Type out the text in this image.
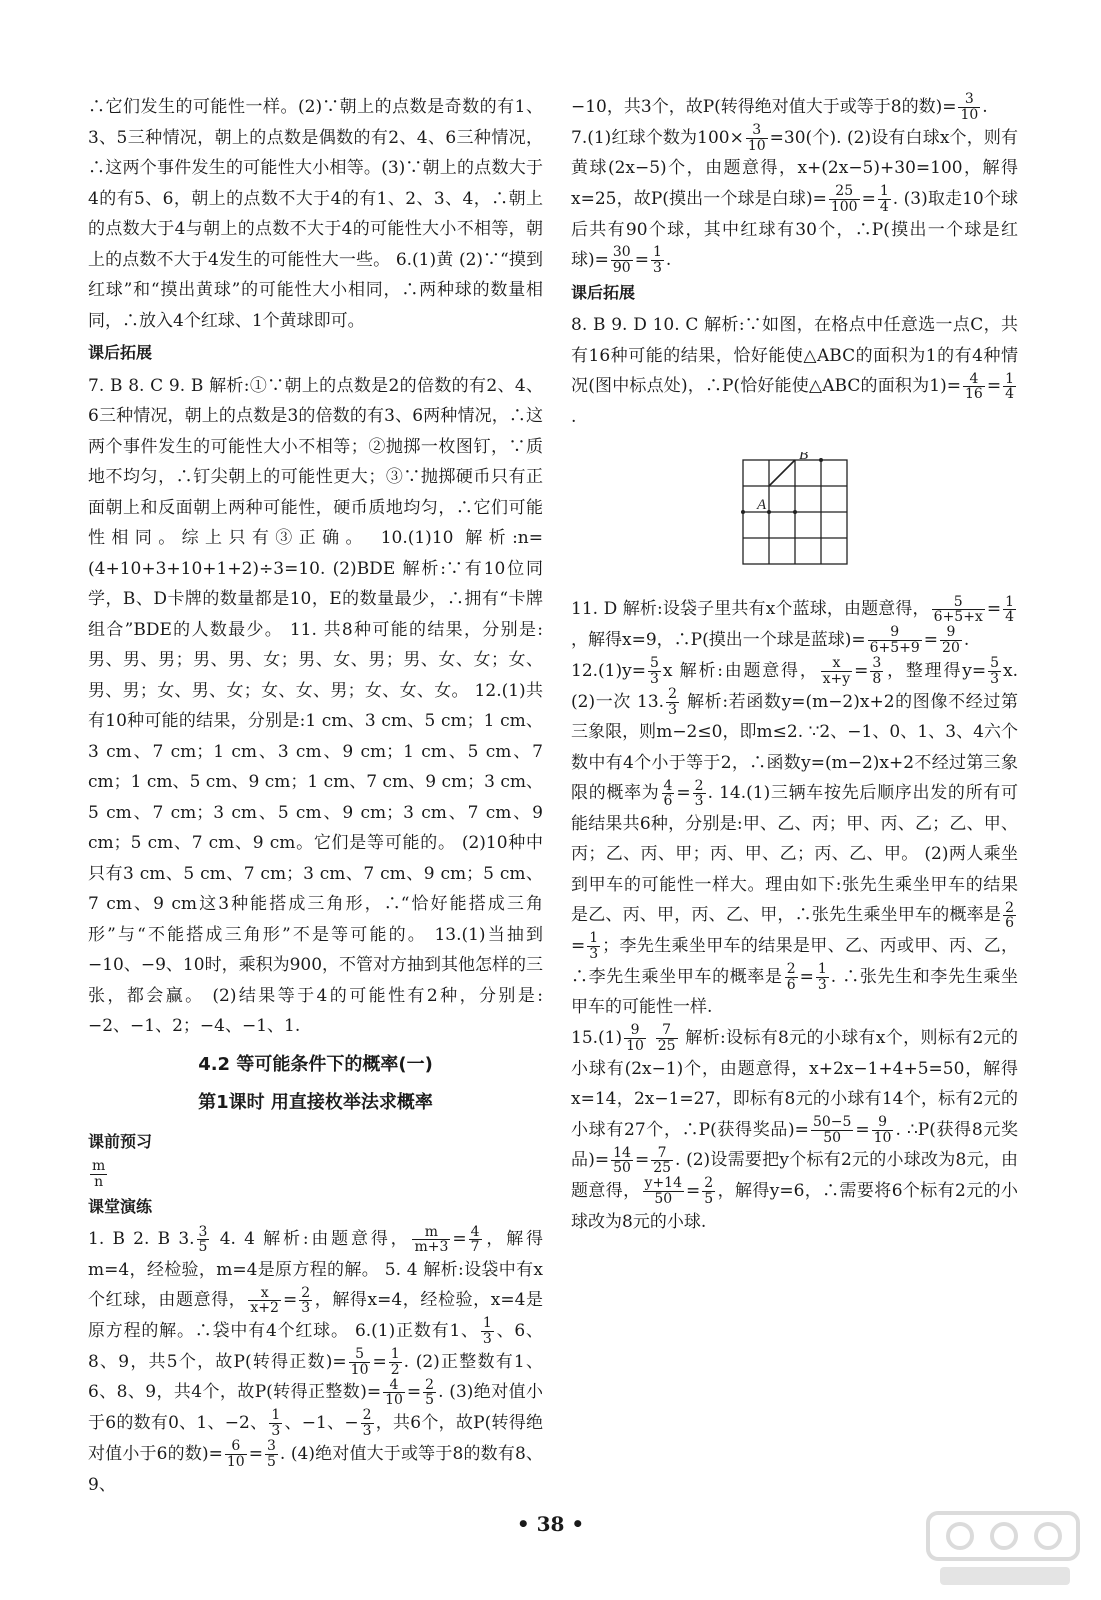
∴它们发生的可能性一样。(2)∵朝上的点数是奇数的有1、3、5三种情况，朝上的点数是偶数的有2、4、6三种情况，∴这两个事件发生的可能性大小相等。(3)∵朝上的点数大于4的有5、6，朝上的点数不大于4的有1、2、3、4，∴朝上的点数大于4与朝上的点数不大于4的可能性大小不相等，朝上的点数不大于4发生的可能性大一些。 6.(1)黄 (2)∵“摸到红球”和“摸出黄球”的可能性大小相同，∴两种球的数量相同，∴放入4个红球、1个黄球即可。

课后拓展

7. B 8. C 9. B 解析:①∵朝上的点数是2的倍数的有2、4、6三种情况，朝上的点数是3的倍数的有3、6两种情况，∴这两个事件发生的可能性大小不相等；②抛掷一枚图钉，∵质地不均匀，∴钉尖朝上的可能性更大；③∵抛掷硬币只有正面朝上和反面朝上两种可能性，硬币质地均匀，∴它们可能性相同。综上只有③正确。 10.(1)10 解析:n=(4+10+3+10+1+2)÷3=10. (2)BDE 解析:∵有10位同学，B、D卡牌的数量都是10，E的数量最少，∴拥有“卡牌组合”BDE的人数最少。 11. 共8种可能的结果，分别是:男、男、男；男、男、女；男、女、男；男、女、女；女、男、男；女、男、女；女、女、男；女、女、女。 12.(1)共有10种可能的结果，分别是:1 cm、3 cm、5 cm；1 cm、3 cm、7 cm；1 cm、3 cm、9 cm；1 cm、5 cm、7 cm；1 cm、5 cm、9 cm；1 cm、7 cm、9 cm；3 cm、5 cm、7 cm；3 cm、5 cm、9 cm；3 cm、7 cm、9 cm；5 cm、7 cm、9 cm。它们是等可能的。 (2)10种中只有3 cm、5 cm、7 cm；3 cm、7 cm、9 cm；5 cm、7 cm、9 cm这3种能搭成三角形，∴“恰好能搭成三角形”与“不能搭成三角形”不是等可能的。 13.(1)当抽到−10、−9、10时，乘积为900，不管对方抽到其他怎样的三张，都会赢。 (2)结果等于4的可能性有2种，分别是:−2、−1、2；−4、−1、1.

4.2 等可能条件下的概率(一)

第1课时 用直接枚举法求概率

课前预习

$\frac{m}{n}$

课堂演练

1. B 2. B 3. $\frac{3}{5} 4$. 4 解析:由题意得， $\frac{m}{m+3} = \frac{4}{7}$ ，解得m=4，经检验，m=4是原方程的解。 5. 4 解析:设袋中有x个红球，由题意得， $\frac{x}{x+2} = \frac{2}{3}$ ，解得x=4，经检验，x=4是原方程的解。∴袋中有4个红球。 6.(1)正数有1、 $\frac{1}{3}$ 、6、8、9，共5个，故P(转得正数)= $\frac{5}{10} = \frac{1}{2}$ . (2)正整数有1、6、8、9，共4个，故P(转得正整数)= $\frac{4}{10} = \frac{2}{5}$ . (3)绝对值小于6的数有0、1、−2、 $\frac{1}{3}$ 、−1、− $\frac{2}{3}$ ，共6个，故P(转得绝对值小于6的数)= $\frac{6}{10} = \frac{3}{5}$ . (4)绝对值大于或等于8的数有8、9、

−10，共3个，故P(转得绝对值大于或等于8的数)= $\frac{3}{10}$ .

7.(1)红球个数为$100\times \frac{3}{10} =30$(个). (2)设有白球x个，则有黄球(2x−5)个，由题意得，x+(2x−5)+30=100，解得x=25，故P(摸出一个球是白球)= $\frac{25}{100} = \frac{1}{4}$ . (3)取走10个球后共有90个球，其中红球有30个，∴P(摸出一个球是红球)= $\frac{30}{90} = \frac{1}{3}$ .

课后拓展

8. B 9. D 10. C 解析:∵如图，在格点中任意选一点C，共有16种可能的结果，恰好能使△ABC的面积为1的有4种情况(图中标点处)，∴P(恰好能使△ABC的面积为$1)= \frac{4}{16} = \frac{1}{4}$
.

A
B

11. D 解析:设袋子里共有x个蓝球，由题意得， $\frac{5}{6+5+x} = \frac{1}{4}$
，解得x=9，∴P(摸出一个球是蓝球)= $\frac{9}{6+5+9} = \frac{9}{20}$ .

$12.(1)y= \frac{5}{3}$ x 解析:由题意得， $\frac{x}{x+y} = \frac{3}{8}$ ，整理得$y= \frac{5}{3} x$. (2)一次 13. $\frac{2}{3}$ 解析:若函数y=(m−2)x+2的图像不经过第三象限，则m−2≤0，即m≤2. ∵2、−1、0、1、3、4六个数中有4个小于等于2，∴函数y=(m−2)x+2不经过第三象限的概率为 $\frac{4}{6} = \frac{2}{3}$ . 14.(1)三辆车按先后顺序出发的所有可能结果共6种，分别是:甲、乙、丙；甲、丙、乙；乙、甲、丙；乙、丙、甲；丙、甲、乙；丙、乙、甲。 (2)两人乘坐到甲车的可能性一样大。理由如下:张先生乘坐甲车的结果是乙、丙、甲，丙、乙、甲，∴张先生乘坐甲车的概率是 $\frac{2}{6}$
= $\frac{1}{3}$ ；李先生乘坐甲车的结果是甲、乙、丙或甲、丙、乙，∴李先生乘坐甲车的概率是 $\frac{2}{6} = \frac{1}{3}$ . ∴张先生和李先生乘坐甲车的可能性一样.

$15.(1) \frac{9}{10}$
$\frac{7}{25}$ 解析:设标有8元的小球有x个，则标有2元的小球有(2x−1)个，由题意得，x+2x−1+4+5=50，解得x=14，2x−1=27，即标有8元的小球有14个，标有2元的小球有27个，∴P(获得奖品)= $\frac{50-5}{50} = \frac{9}{10}$ . ∴P(获得8元奖品)= $\frac{14}{50} = \frac{7}{25}$ . (2)设需要把y个标有2元的小球改为8元，由题意得， $\frac{y+14}{50} = \frac{2}{5}$ ，解得y=6，∴需要将6个标有2元的小球改为8元的小球.

• 38 •
